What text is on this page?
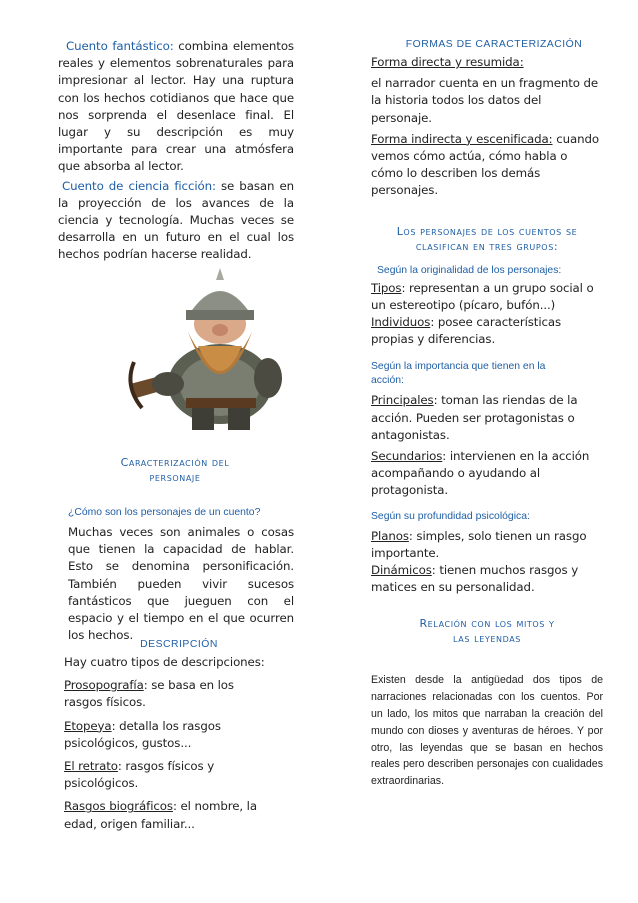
Cuento fantástico: combina elementos reales y elementos sobrenaturales para impresionar al lector. Hay una ruptura con los hechos cotidianos que hace que nos sorprenda el desenlace final. El lugar y su descripción es muy importante para crear una atmósfera que absorba al lector.

Cuento de ciencia ficción: se basan en la proyección de los avances de la ciencia y tecnología. Muchas veces se desarrolla en un futuro en el cual los hechos podrían hacerse realidad.

Caracterización del
personaje

¿Cómo son los personajes de un cuento?

Muchas veces son animales o cosas que tienen la capacidad de hablar. Esto se denomina personificación. También pueden vivir sucesos fantásticos que jueguen con el espacio y el tiempo en el que ocurren los hechos.

DESCRIPCIÓN

Hay cuatro tipos de descripciones:

Prosopografía: se basa en los rasgos físicos.

Etopeya: detalla los rasgos psicológicos, gustos...

El retrato: rasgos físicos y psicológicos.

Rasgos biográficos: el nombre, la edad, origen familiar...

FORMAS DE CARACTERIZACIÓN

Forma directa y resumida:

el narrador cuenta en un fragmento de la historia todos los datos del personaje.

Forma indirecta y escenificada: cuando vemos cómo actúa, cómo habla o cómo lo describen los demás personajes.

Los personajes de los cuentos se
clasifican en tres grupos:

Según la originalidad de los personajes:

Tipos: representan a un grupo social o un estereotipo (pícaro, bufón...)

Individuos: posee características propias y diferencias.

Según la importancia que tienen en la acción:

Principales: toman las riendas de la acción. Pueden ser protagonistas o antagonistas.

Secundarios: intervienen en la acción acompañando o ayudando al protagonista.

Según su profundidad psicológica:

Planos: simples, solo tienen un rasgo importante.

Dinámicos: tienen muchos rasgos y matices en su personalidad.

Relación con los mitos y
las leyendas

Existen desde la antigüedad dos tipos de narraciones relacionadas con los cuentos. Por un lado, los mitos que narraban la creación del mundo con dioses y aventuras de héroes. Y por otro, las leyendas que se basan en hechos reales pero describen personajes con cualidades extraordinarias.
